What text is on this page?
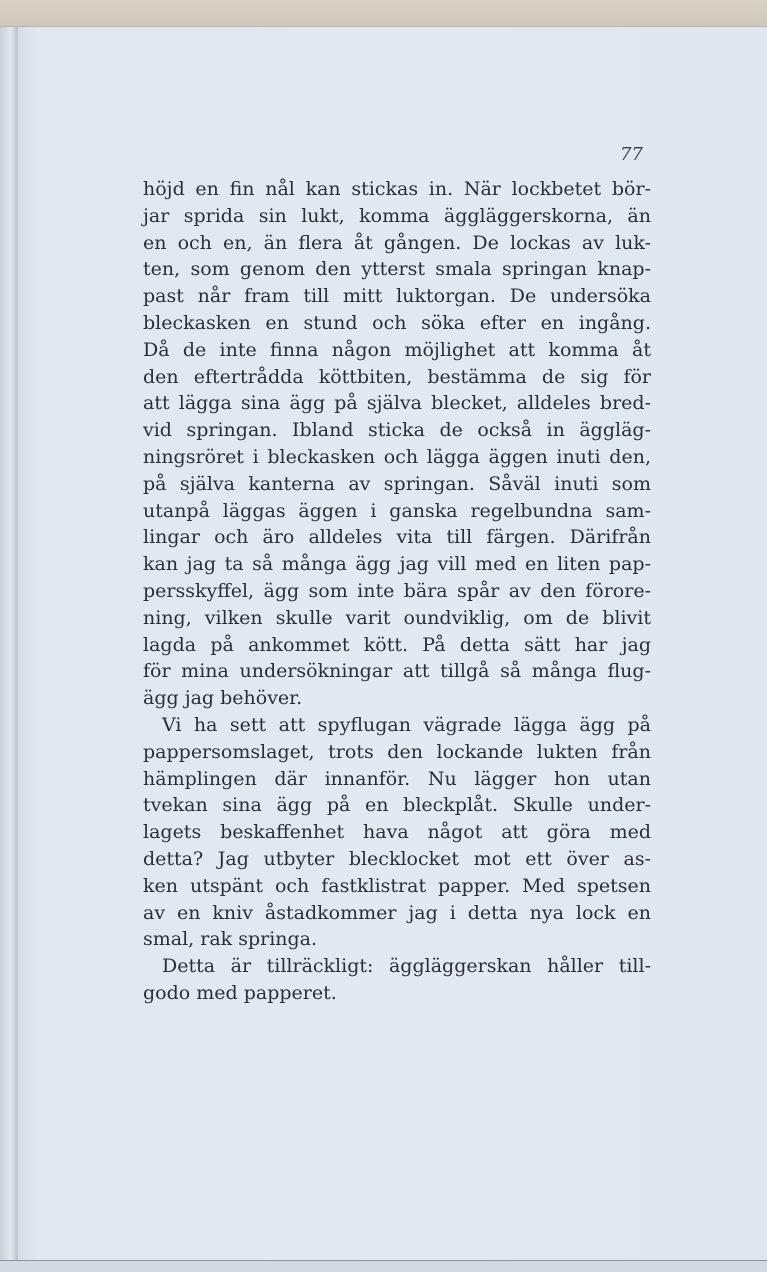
77
höjd en fin nål kan stickas in. När lockbetet bör-
jar sprida sin lukt, komma äggläggerskorna, än
en och en, än flera åt gången. De lockas av luk-
ten, som genom den ytterst smala springan knap-
past når fram till mitt luktorgan. De undersöka
bleckasken en stund och söka efter en ingång.
Då de inte finna någon möjlighet att komma åt
den eftertrådda köttbiten, bestämma de sig för
att lägga sina ägg på själva blecket, alldeles bred-
vid springan. Ibland sticka de också in äggläg-
ningsröret i bleckasken och lägga äggen inuti den,
på själva kanterna av springan. Såväl inuti som
utanpå läggas äggen i ganska regelbundna sam-
lingar och äro alldeles vita till färgen. Därifrån
kan jag ta så många ägg jag vill med en liten pap-
persskyffel, ägg som inte bära spår av den förore-
ning, vilken skulle varit oundviklig, om de blivit
lagda på ankommet kött. På detta sätt har jag
för mina undersökningar att tillgå så många flug-
ägg jag behöver.
Vi ha sett att spyflugan vägrade lägga ägg på
pappersomslaget, trots den lockande lukten från
hämplingen där innanför. Nu lägger hon utan
tvekan sina ägg på en bleckplåt. Skulle under-
lagets beskaffenhet hava något att göra med
detta? Jag utbyter blecklocket mot ett över as-
ken utspänt och fastklistrat papper. Med spetsen
av en kniv åstadkommer jag i detta nya lock en
smal, rak springa.
Detta är tillräckligt: äggläggerskan håller till-
godo med papperet.
